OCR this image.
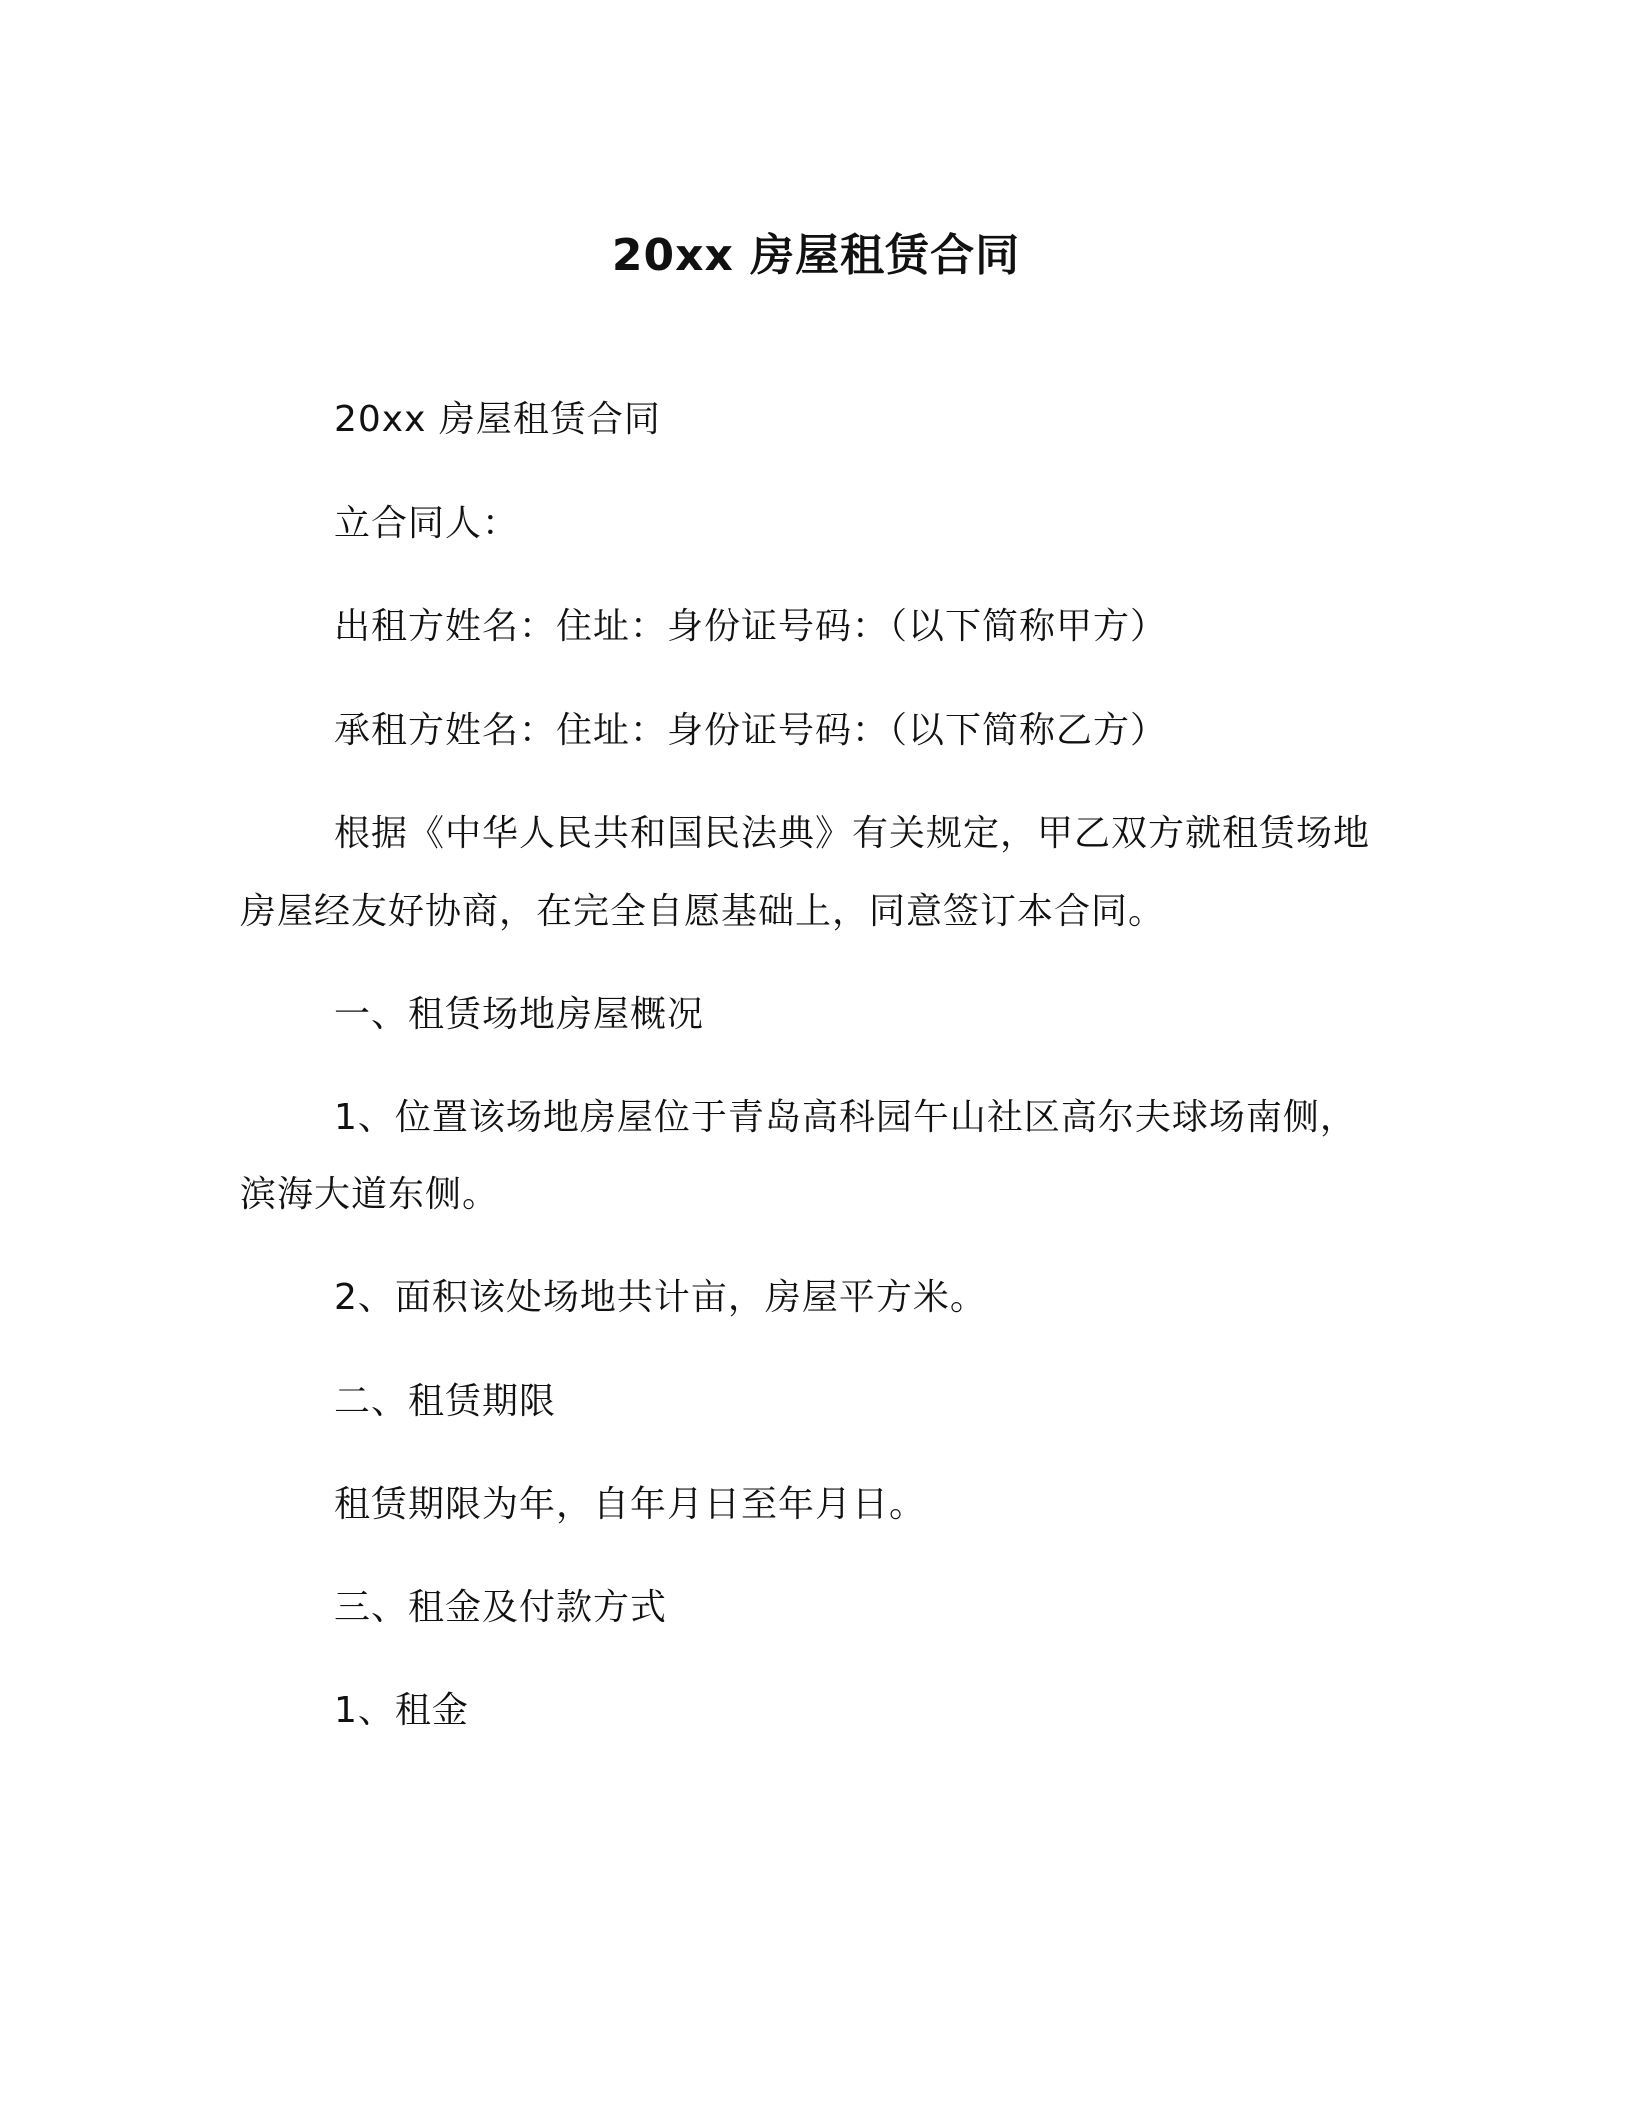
20xx 房屋租赁合同
20xx 房屋租赁合同
立合同人：
出租方姓名：住址：身份证号码：（以下简称甲方）
承租方姓名：住址：身份证号码：（以下简称乙方）
根据《中华人民共和国民法典》有关规定，甲乙双方就租赁场地
房屋经友好协商，在完全自愿基础上，同意签订本合同。
一、租赁场地房屋概况
1、位置该场地房屋位于青岛高科园午山社区高尔夫球场南侧，
滨海大道东侧。
2、面积该处场地共计亩，房屋平方米。
二、租赁期限
租赁期限为年，自年月日至年月日。
三、租金及付款方式
1、租金
